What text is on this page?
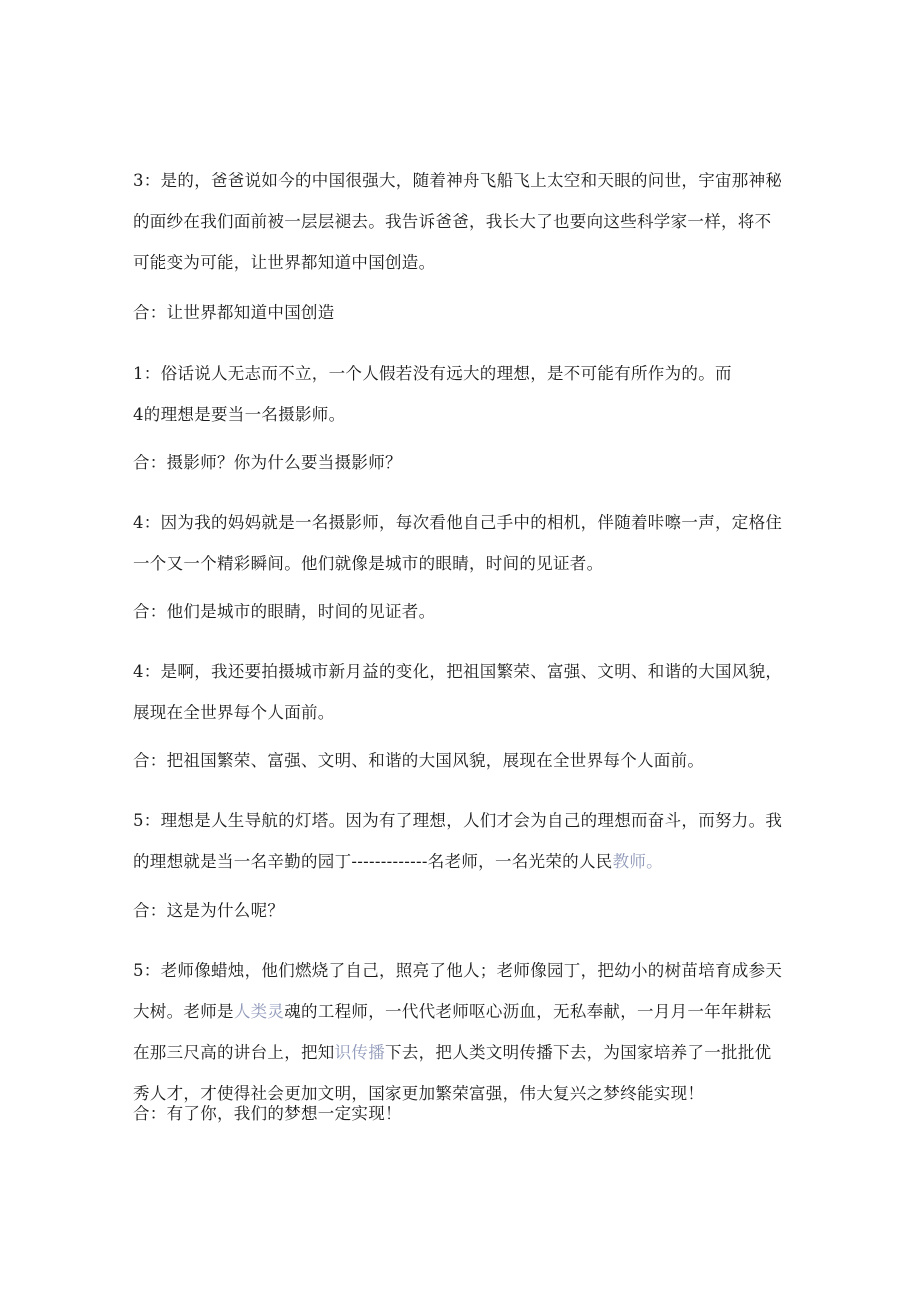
3：是的，爸爸说如今的中国很强大，随着神舟飞船飞上太空和天眼的问世，宇宙那神秘
的面纱在我们面前被一层层褪去。我告诉爸爸，我长大了也要向这些科学家一样，将不
可能变为可能，让世界都知道中国创造。

合：让世界都知道中国创造

1：俗话说人无志而不立，一个人假若没有远大的理想，是不可能有所作为的。而
4的理想是要当一名摄影师。

合：摄影师？你为什么要当摄影师？

4：因为我的妈妈就是一名摄影师，每次看他自己手中的相机，伴随着咔嚓一声，定格住
一个又一个精彩瞬间。他们就像是城市的眼睛，时间的见证者。

合：他们是城市的眼睛，时间的见证者。

4：是啊，我还要拍摄城市新月益的变化，把祖国繁荣、富强、文明、和谐的大国风貌，
展现在全世界每个人面前。

合：把祖国繁荣、富强、文明、和谐的大国风貌，展现在全世界每个人面前。

5：理想是人生导航的灯塔。因为有了理想，人们才会为自己的理想而奋斗，而努力。我
的理想就是当一名辛勤的园丁-------------名老师，一名光荣的人民教师。

合：这是为什么呢？

5：老师像蜡烛，他们燃烧了自己，照亮了他人；老师像园丁，把幼小的树苗培育成参天
大树。老师是人类灵魂的工程师，一代代老师呕心沥血，无私奉献，一月月一年年耕耘
在那三尺高的讲台上，把知识传播下去，把人类文明传播下去，为国家培养了一批批优
秀人才，才使得社会更加文明，国家更加繁荣富强，伟大复兴之梦终能实现！

合：有了你，我们的梦想一定实现！
